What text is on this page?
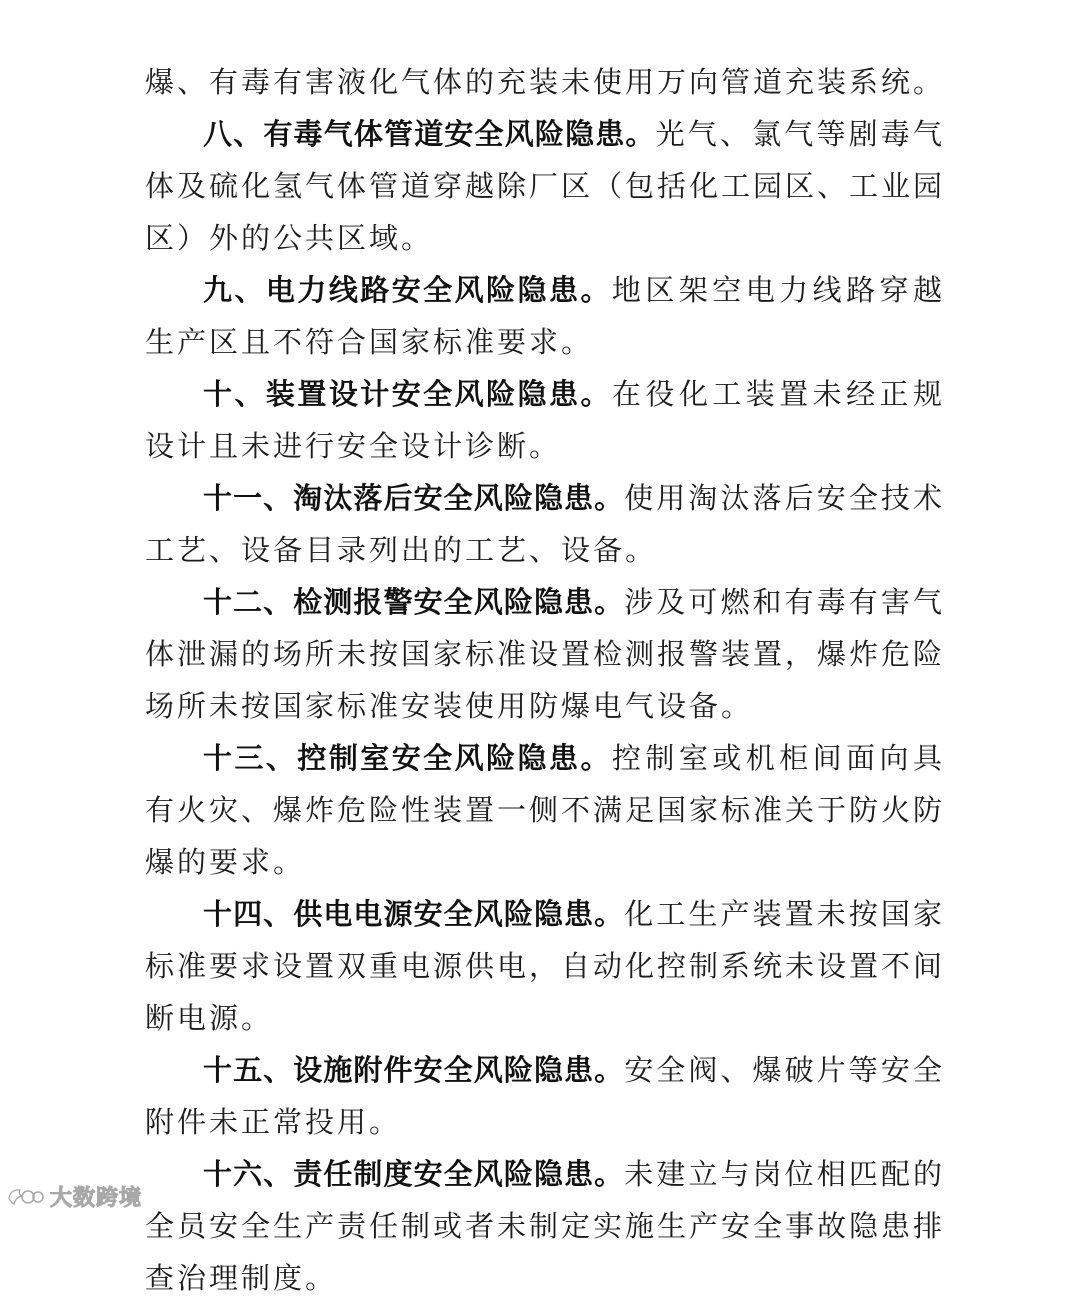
爆、有毒有害液化气体的充装未使用万向管道充装系统。

八、有毒气体管道安全风险隐患。光气、氯气等剧毒气体及硫化氢气体管道穿越除厂区（包括化工园区、工业园区）外的公共区域。

九、电力线路安全风险隐患。地区架空电力线路穿越生产区且不符合国家标准要求。

十、装置设计安全风险隐患。在役化工装置未经正规设计且未进行安全设计诊断。

十一、淘汰落后安全风险隐患。使用淘汰落后安全技术工艺、设备目录列出的工艺、设备。

十二、检测报警安全风险隐患。涉及可燃和有毒有害气体泄漏的场所未按国家标准设置检测报警装置，爆炸危险场所未按国家标准安装使用防爆电气设备。

十三、控制室安全风险隐患。控制室或机柜间面向具有火灾、爆炸危险性装置一侧不满足国家标准关于防火防爆的要求。

十四、供电电源安全风险隐患。化工生产装置未按国家标准要求设置双重电源供电，自动化控制系统未设置不间断电源。

十五、设施附件安全风险隐患。安全阀、爆破片等安全附件未正常投用。

十六、责任制度安全风险隐患。未建立与岗位相匹配的全员安全生产责任制或者未制定实施生产安全事故隐患排查治理制度。

大数跨境
